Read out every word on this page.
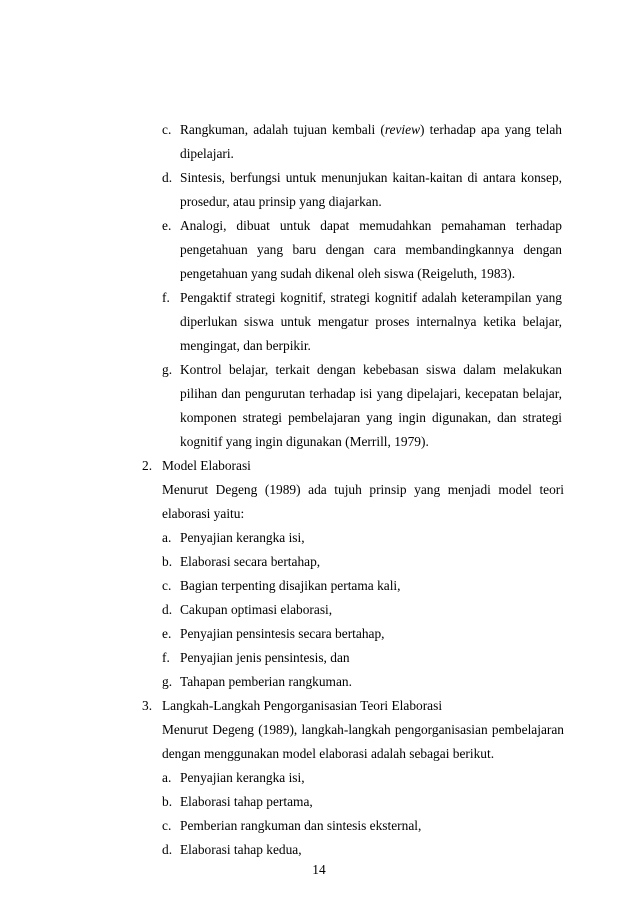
c. Rangkuman, adalah tujuan kembali (review) terhadap apa yang telah
dipelajari.
d. Sintesis, berfungsi untuk menunjukan kaitan-kaitan di antara konsep,
prosedur, atau prinsip yang diajarkan.
e. Analogi, dibuat untuk dapat memudahkan pemahaman terhadap
pengetahuan yang baru dengan cara membandingkannya dengan
pengetahuan yang sudah dikenal oleh siswa (Reigeluth, 1983).
f. Pengaktif strategi kognitif, strategi kognitif adalah keterampilan yang
diperlukan siswa untuk mengatur proses internalnya ketika belajar,
mengingat, dan berpikir.
g. Kontrol belajar, terkait dengan kebebasan siswa dalam melakukan
pilihan dan pengurutan terhadap isi yang dipelajari, kecepatan belajar,
komponen strategi pembelajaran yang ingin digunakan, dan strategi
kognitif yang ingin digunakan (Merrill, 1979).
2. Model Elaborasi
Menurut Degeng (1989) ada tujuh prinsip yang menjadi model teori
elaborasi yaitu:
a. Penyajian kerangka isi,
b. Elaborasi secara bertahap,
c. Bagian terpenting disajikan pertama kali,
d. Cakupan optimasi elaborasi,
e. Penyajian pensintesis secara bertahap,
f. Penyajian jenis pensintesis, dan
g. Tahapan pemberian rangkuman.
3. Langkah-Langkah Pengorganisasian Teori Elaborasi
Menurut Degeng (1989), langkah-langkah pengorganisasian pembelajaran
dengan menggunakan model elaborasi adalah sebagai berikut.
a. Penyajian kerangka isi,
b. Elaborasi tahap pertama,
c. Pemberian rangkuman dan sintesis eksternal,
d. Elaborasi tahap kedua,
14
